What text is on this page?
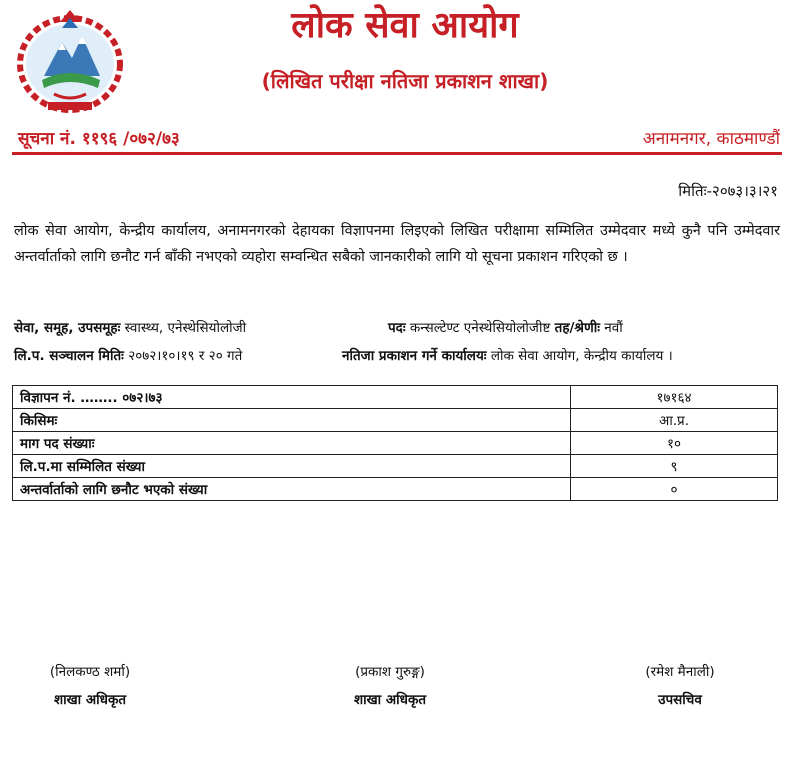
लोक सेवा आयोग
(लिखित परीक्षा नतिजा प्रकाशन शाखा)
सूचना नं. ११९६ /०७२/७३	अनामनगर, काठमाण्डौं
मितिः-२०७३।३।२१

लोक सेवा आयोग, केन्द्रीय कार्यालय, अनामनगरको देहायका विज्ञापनमा लिइएको लिखित परीक्षामा सम्मिलित उम्मेदवार मध्ये कुनै पनि उम्मेदवार अन्तर्वार्ताको लागि छनौट गर्न बाँकी नभएको व्यहोरा सम्वन्धित सबैको जानकारीको लागि यो सूचना प्रकाशन गरिएको छ ।

सेवा, समूह, उपसमूहः स्वास्थ्य, एनेस्थेसियोलोजी	पदः कन्सल्टेण्ट एनेस्थेसियोलोजीष्ट तह/श्रेणीः नवौं
लि.प. सञ्चालन मितिः २०७२।१०।१९ र २० गते	नतिजा प्रकाशन गर्ने कार्यालयः लोक सेवा आयोग, केन्द्रीय कार्यालय ।
विज्ञापन नं. …….. ०७२।७३	१७१६४
किसिमः	आ.प्र.
माग पद संख्याः	१०
लि.प.मा सम्मिलित संख्या	९
अन्तर्वार्ताको लागि छनौट भएको संख्या	०
(निलकण्ठ शर्मा)
शाखा अधिकृत
(प्रकाश गुरुङ्ग)
शाखा अधिकृत
(रमेश मैनाली)
उपसचिव
